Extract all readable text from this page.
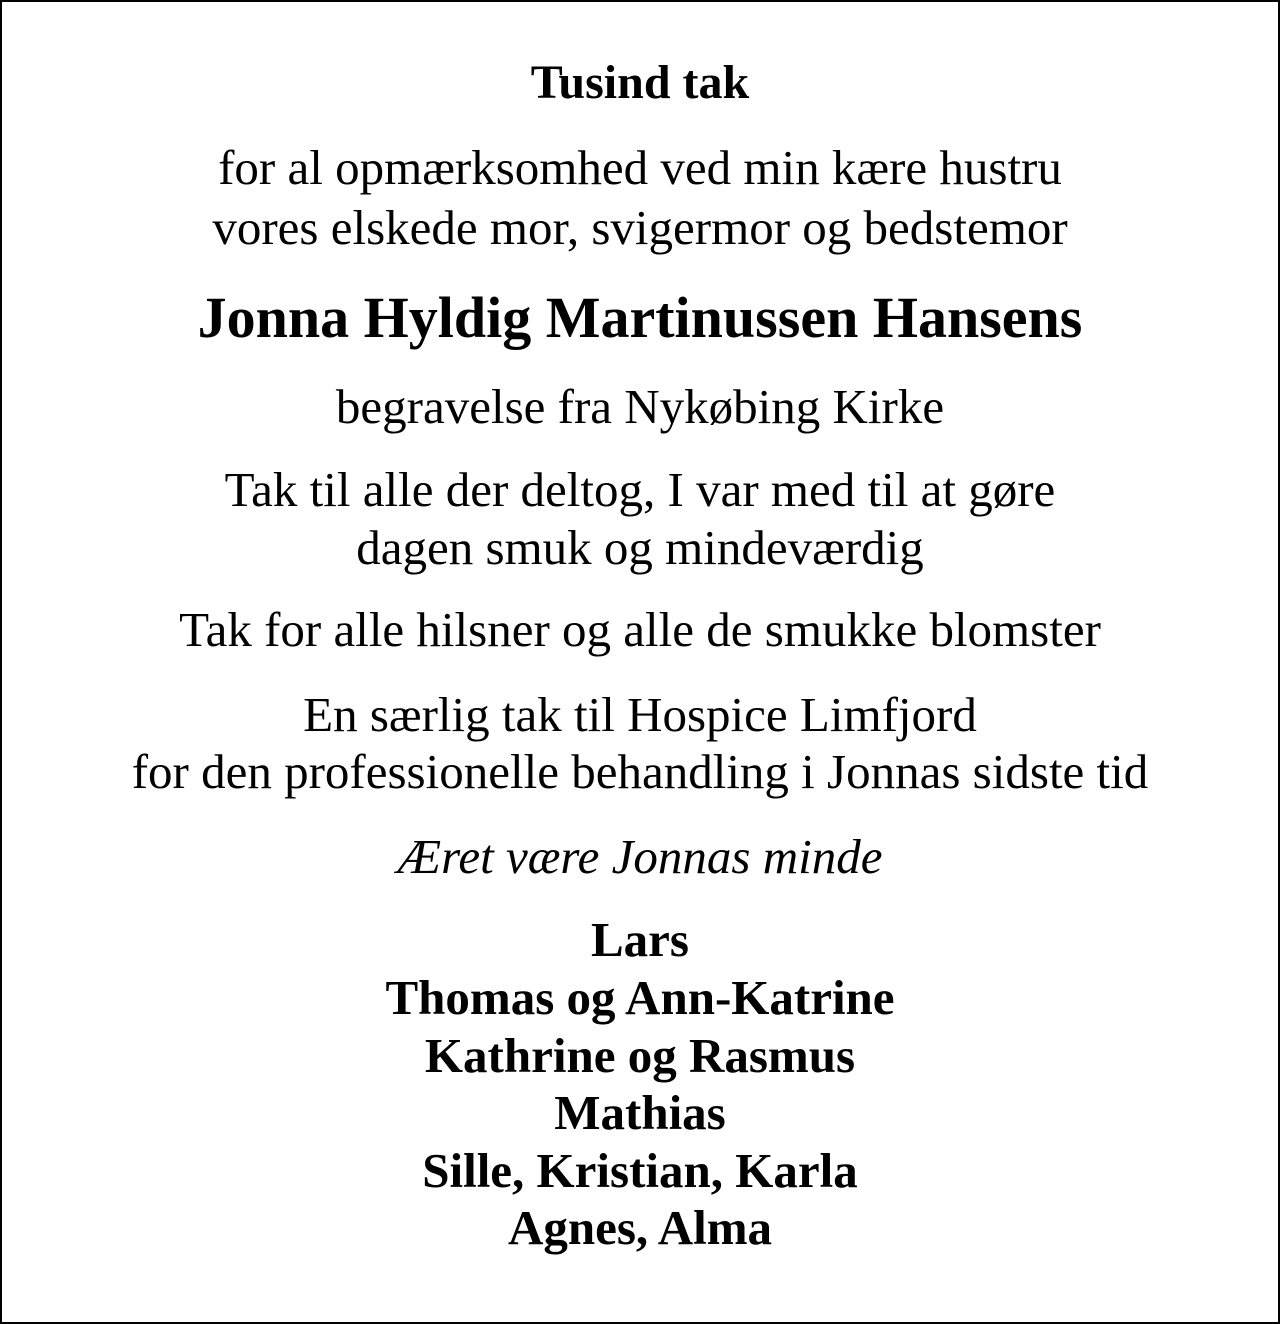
Tusind tak
for al opmærksomhed ved min kære hustru
vores elskede mor, svigermor og bedstemor
Jonna Hyldig Martinussen Hansens
begravelse fra Nykøbing Kirke
Tak til alle der deltog, I var med til at gøre
dagen smuk og mindeværdig
Tak for alle hilsner og alle de smukke blomster
En særlig tak til Hospice Limfjord
for den professionelle behandling i Jonnas sidste tid
Æret være Jonnas minde
Lars
Thomas og Ann-Katrine
Kathrine og Rasmus
Mathias
Sille, Kristian, Karla
Agnes, Alma
